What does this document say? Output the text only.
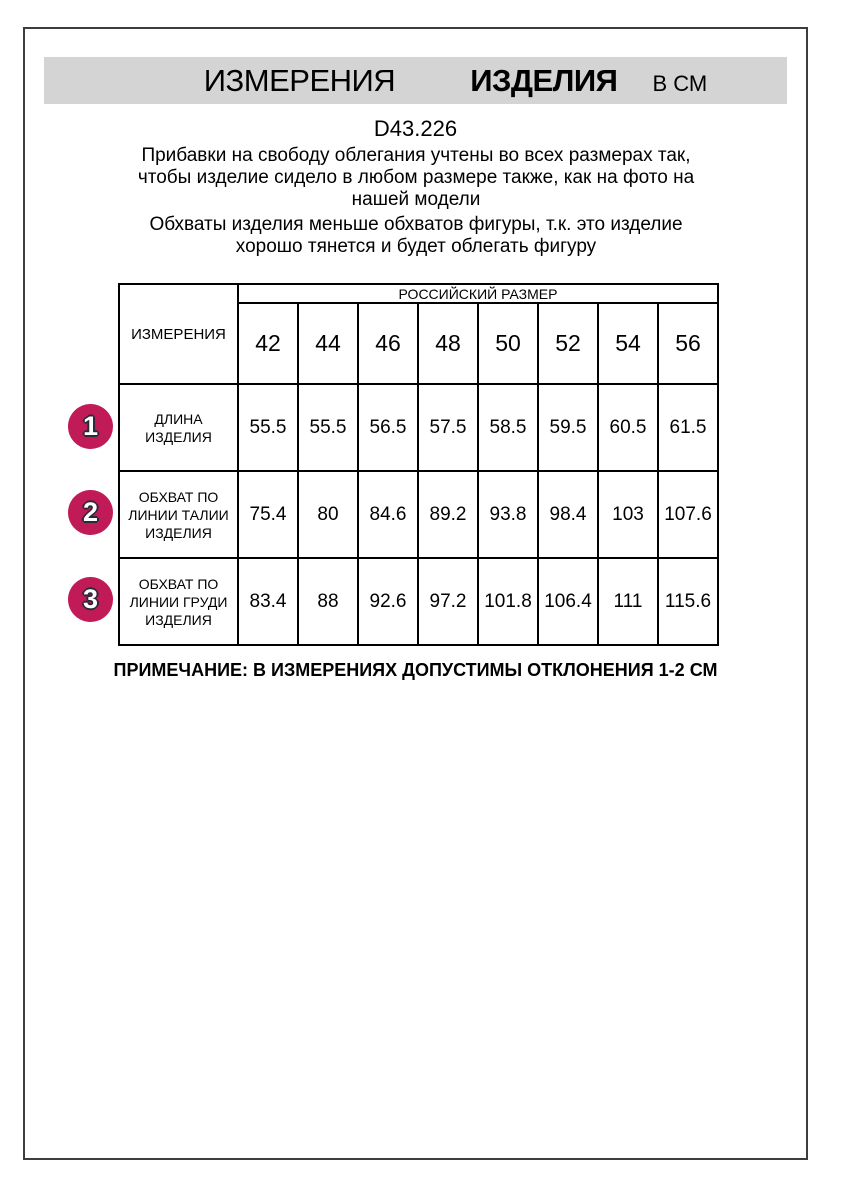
ИЗМЕРЕНИЯ ИЗДЕЛИЯ В СМ
D43.226

Прибавки на свободу облегания учтены во всех размерах так, чтобы изделие сидело в любом размере также, как на фото на нашей модели

Обхваты изделия меньше обхватов фигуры, т.к. это изделие хорошо тянется и будет облегать фигуру

ИЗМЕРЕНИЯ	РОССИЙСКИЙ РАЗМЕР							
	42	44	46	48	50	52	54	56
ДЛИНА ИЗДЕЛИЯ	55.5	55.5	56.5	57.5	58.5	59.5	60.5	61.5
ОБХВАТ ПО ЛИНИИ ТАЛИИ ИЗДЕЛИЯ	75.4	80	84.6	89.2	93.8	98.4	103	107.6
ОБХВАТ ПО ЛИНИИ ГРУДИ ИЗДЕЛИЯ	83.4	88	92.6	97.2	101.8	106.4	111	115.6
1
2
3
ПРИМЕЧАНИЕ: В ИЗМЕРЕНИЯХ ДОПУСТИМЫ ОТКЛОНЕНИЯ 1-2 СМ
